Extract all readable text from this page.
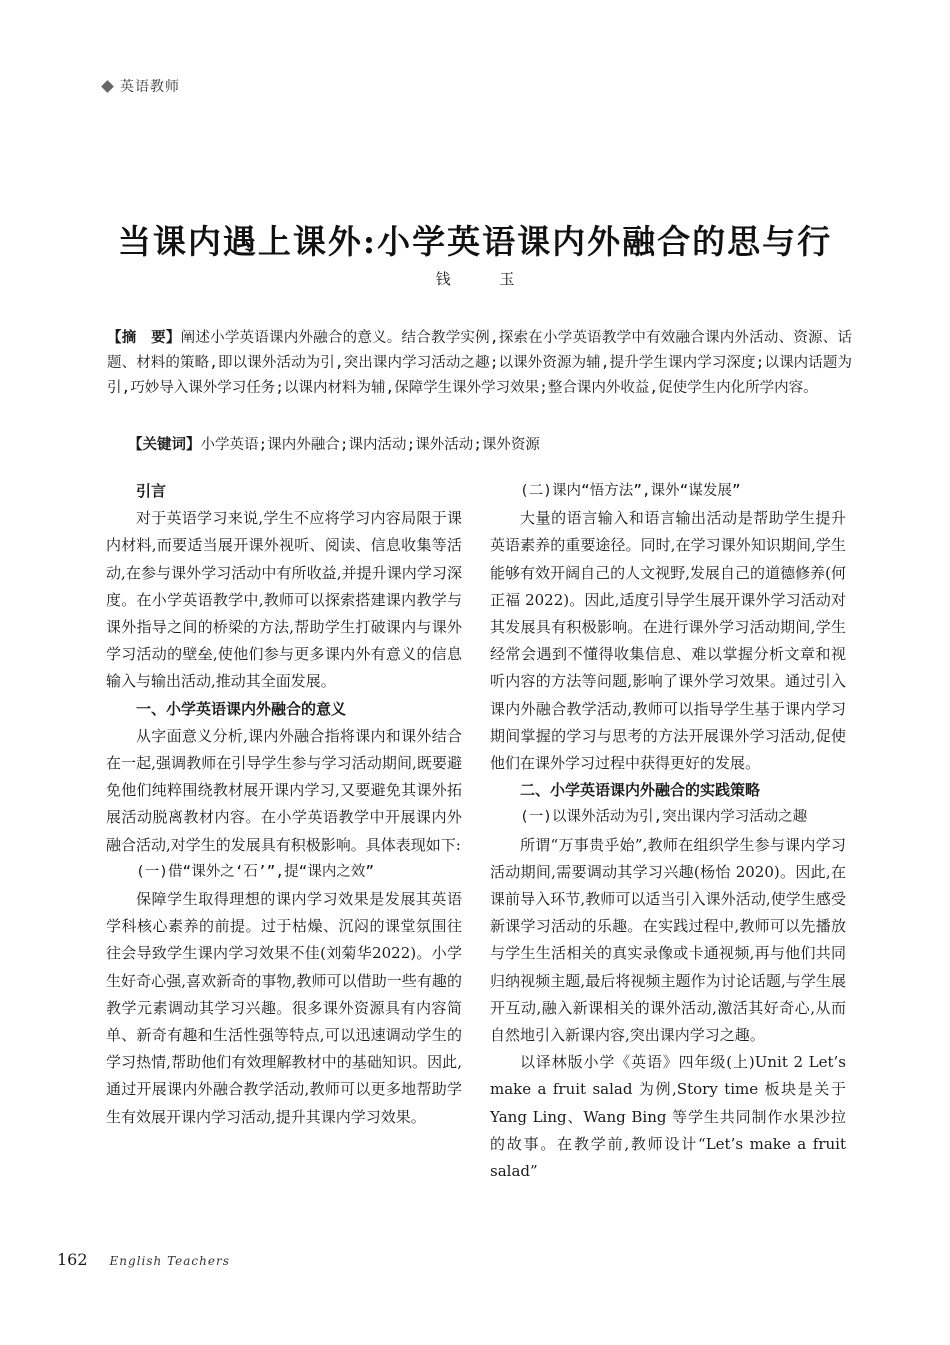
英语教师
当课内遇上课外:小学英语课内外融合的思与行
钱 玉
【摘　要】阐述小学英语课内外融合的意义。结合教学实例,探索在小学英语教学中有效融合课内外活动、资源、话题、材料的策略,即以课外活动为引,突出课内学习活动之趣;以课外资源为辅,提升学生课内学习深度;以课内话题为引,巧妙导入课外学习任务;以课内材料为辅,保障学生课外学习效果;整合课内外收益,促使学生内化所学内容。
【关键词】小学英语;课内外融合;课内活动;课外活动;课外资源
引言

对于英语学习来说,学生不应将学习内容局限于课内材料,而要适当展开课外视听、阅读、信息收集等活动,在参与课外学习活动中有所收益,并提升课内学习深度。在小学英语教学中,教师可以探索搭建课内教学与课外指导之间的桥梁的方法,帮助学生打破课内与课外学习活动的壁垒,使他们参与更多课内外有意义的信息输入与输出活动,推动其全面发展。

一、小学英语课内外融合的意义

从字面意义分析,课内外融合指将课内和课外结合在一起,强调教师在引导学生参与学习活动期间,既要避免他们纯粹围绕教材展开课内学习,又要避免其课外拓展活动脱离教材内容。在小学英语教学中开展课内外融合活动,对学生的发展具有积极影响。具体表现如下:

(一)借“课外之‘石’”,提“课内之效”

保障学生取得理想的课内学习效果是发展其英语学科核心素养的前提。过于枯燥、沉闷的课堂氛围往往会导致学生课内学习效果不佳(刘菊华2022)。小学生好奇心强,喜欢新奇的事物,教师可以借助一些有趣的教学元素调动其学习兴趣。很多课外资源具有内容简单、新奇有趣和生活性强等特点,可以迅速调动学生的学习热情,帮助他们有效理解教材中的基础知识。因此,通过开展课内外融合教学活动,教师可以更多地帮助学生有效展开课内学习活动,提升其课内学习效果。

(二)课内“悟方法”,课外“谋发展”

大量的语言输入和语言输出活动是帮助学生提升英语素养的重要途径。同时,在学习课外知识期间,学生能够有效开阔自己的人文视野,发展自己的道德修养(何正福 2022)。因此,适度引导学生展开课外学习活动对其发展具有积极影响。在进行课外学习活动期间,学生经常会遇到不懂得收集信息、难以掌握分析文章和视听内容的方法等问题,影响了课外学习效果。通过引入课内外融合教学活动,教师可以指导学生基于课内学习期间掌握的学习与思考的方法开展课外学习活动,促使他们在课外学习过程中获得更好的发展。

二、小学英语课内外融合的实践策略
(一)以课外活动为引,突出课内学习活动之趣

所谓“万事贵乎始”,教师在组织学生参与课内学习活动期间,需要调动其学习兴趣(杨怡 2020)。因此,在课前导入环节,教师可以适当引入课外活动,使学生感受新课学习活动的乐趣。在实践过程中,教师可以先播放与学生生活相关的真实录像或卡通视频,再与他们共同归纳视频主题,最后将视频主题作为讨论话题,与学生展开互动,融入新课相关的课外活动,激活其好奇心,从而自然地引入新课内容,突出课内学习之趣。

以译林版小学《英语》四年级(上)Unit 2 Let’s make a fruit salad 为例,Story time 板块是关于 Yang Ling、Wang Bing 等学生共同制作水果沙拉的故事。在教学前,教师设计“Let’s make a fruit salad”

162 English Teachers
